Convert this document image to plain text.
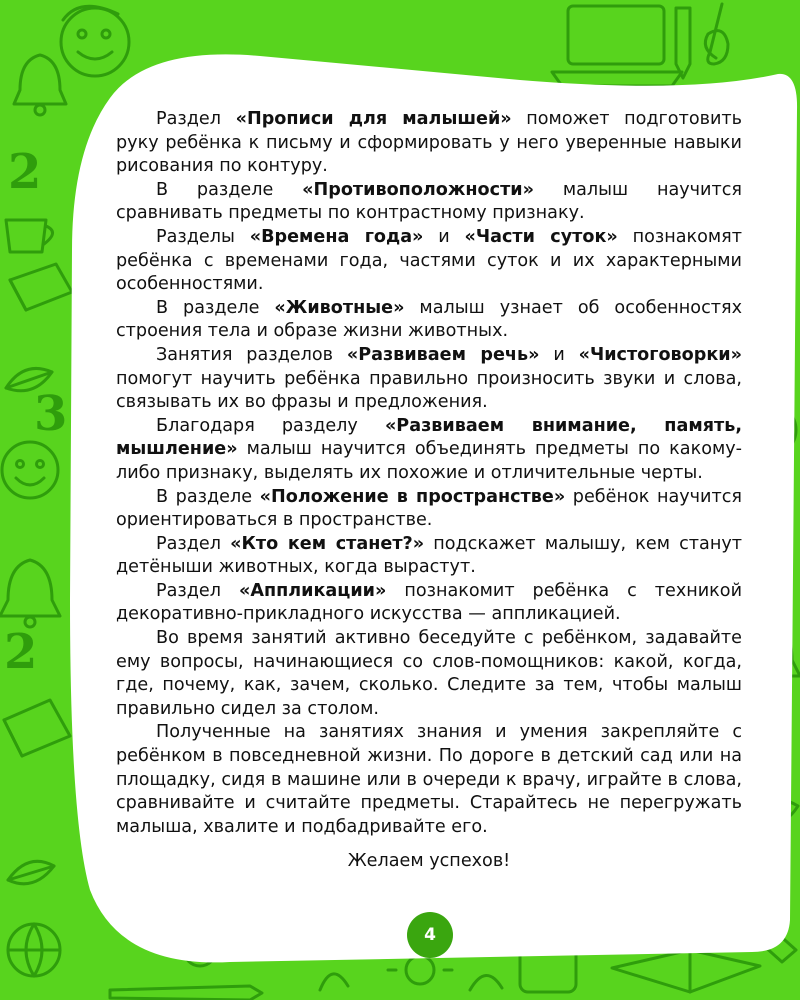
2
3
2

Раздел «Прописи для малышей» поможет подготовить руку ребёнка к письму и сформировать у него уверенные навыки рисования по контуру.

В разделе «Противоположности» малыш научится сравнивать предметы по контрастному признаку.

Разделы «Времена года» и «Части суток» познакомят ребёнка с временами года, частями суток и их характерными особенностями.

В разделе «Животные» малыш узнает об особенностях строения тела и образе жизни животных.

Занятия разделов «Развиваем речь» и «Чистоговорки» помогут научить ребёнка правильно произносить звуки и слова, связывать их во фразы и предложения.

Благодаря разделу «Развиваем внимание, память, мышление» малыш научится объединять предметы по какому-либо признаку, выделять их похожие и отличительные черты.

В разделе «Положение в пространстве» ребёнок научится ориентироваться в пространстве.

Раздел «Кто кем станет?» подскажет малышу, кем станут детёныши животных, когда вырастут.

Раздел «Аппликации» познакомит ребёнка с техникой декоративно-прикладного искусства — аппликацией.

Во время занятий активно беседуйте с ребёнком, задавайте ему вопросы, начинающиеся со слов-помощников: какой, когда, где, почему, как, зачем, сколько. Следите за тем, чтобы малыш правильно сидел за столом.

Полученные на занятиях знания и умения закрепляйте с ребёнком в повседневной жизни. По дороге в детский сад или на площадку, сидя в машине или в очереди к врачу, играйте в слова, сравнивайте и считайте предметы. Старайтесь не перегружать малыша, хвалите и подбадривайте его.

Желаем успехов!

4
